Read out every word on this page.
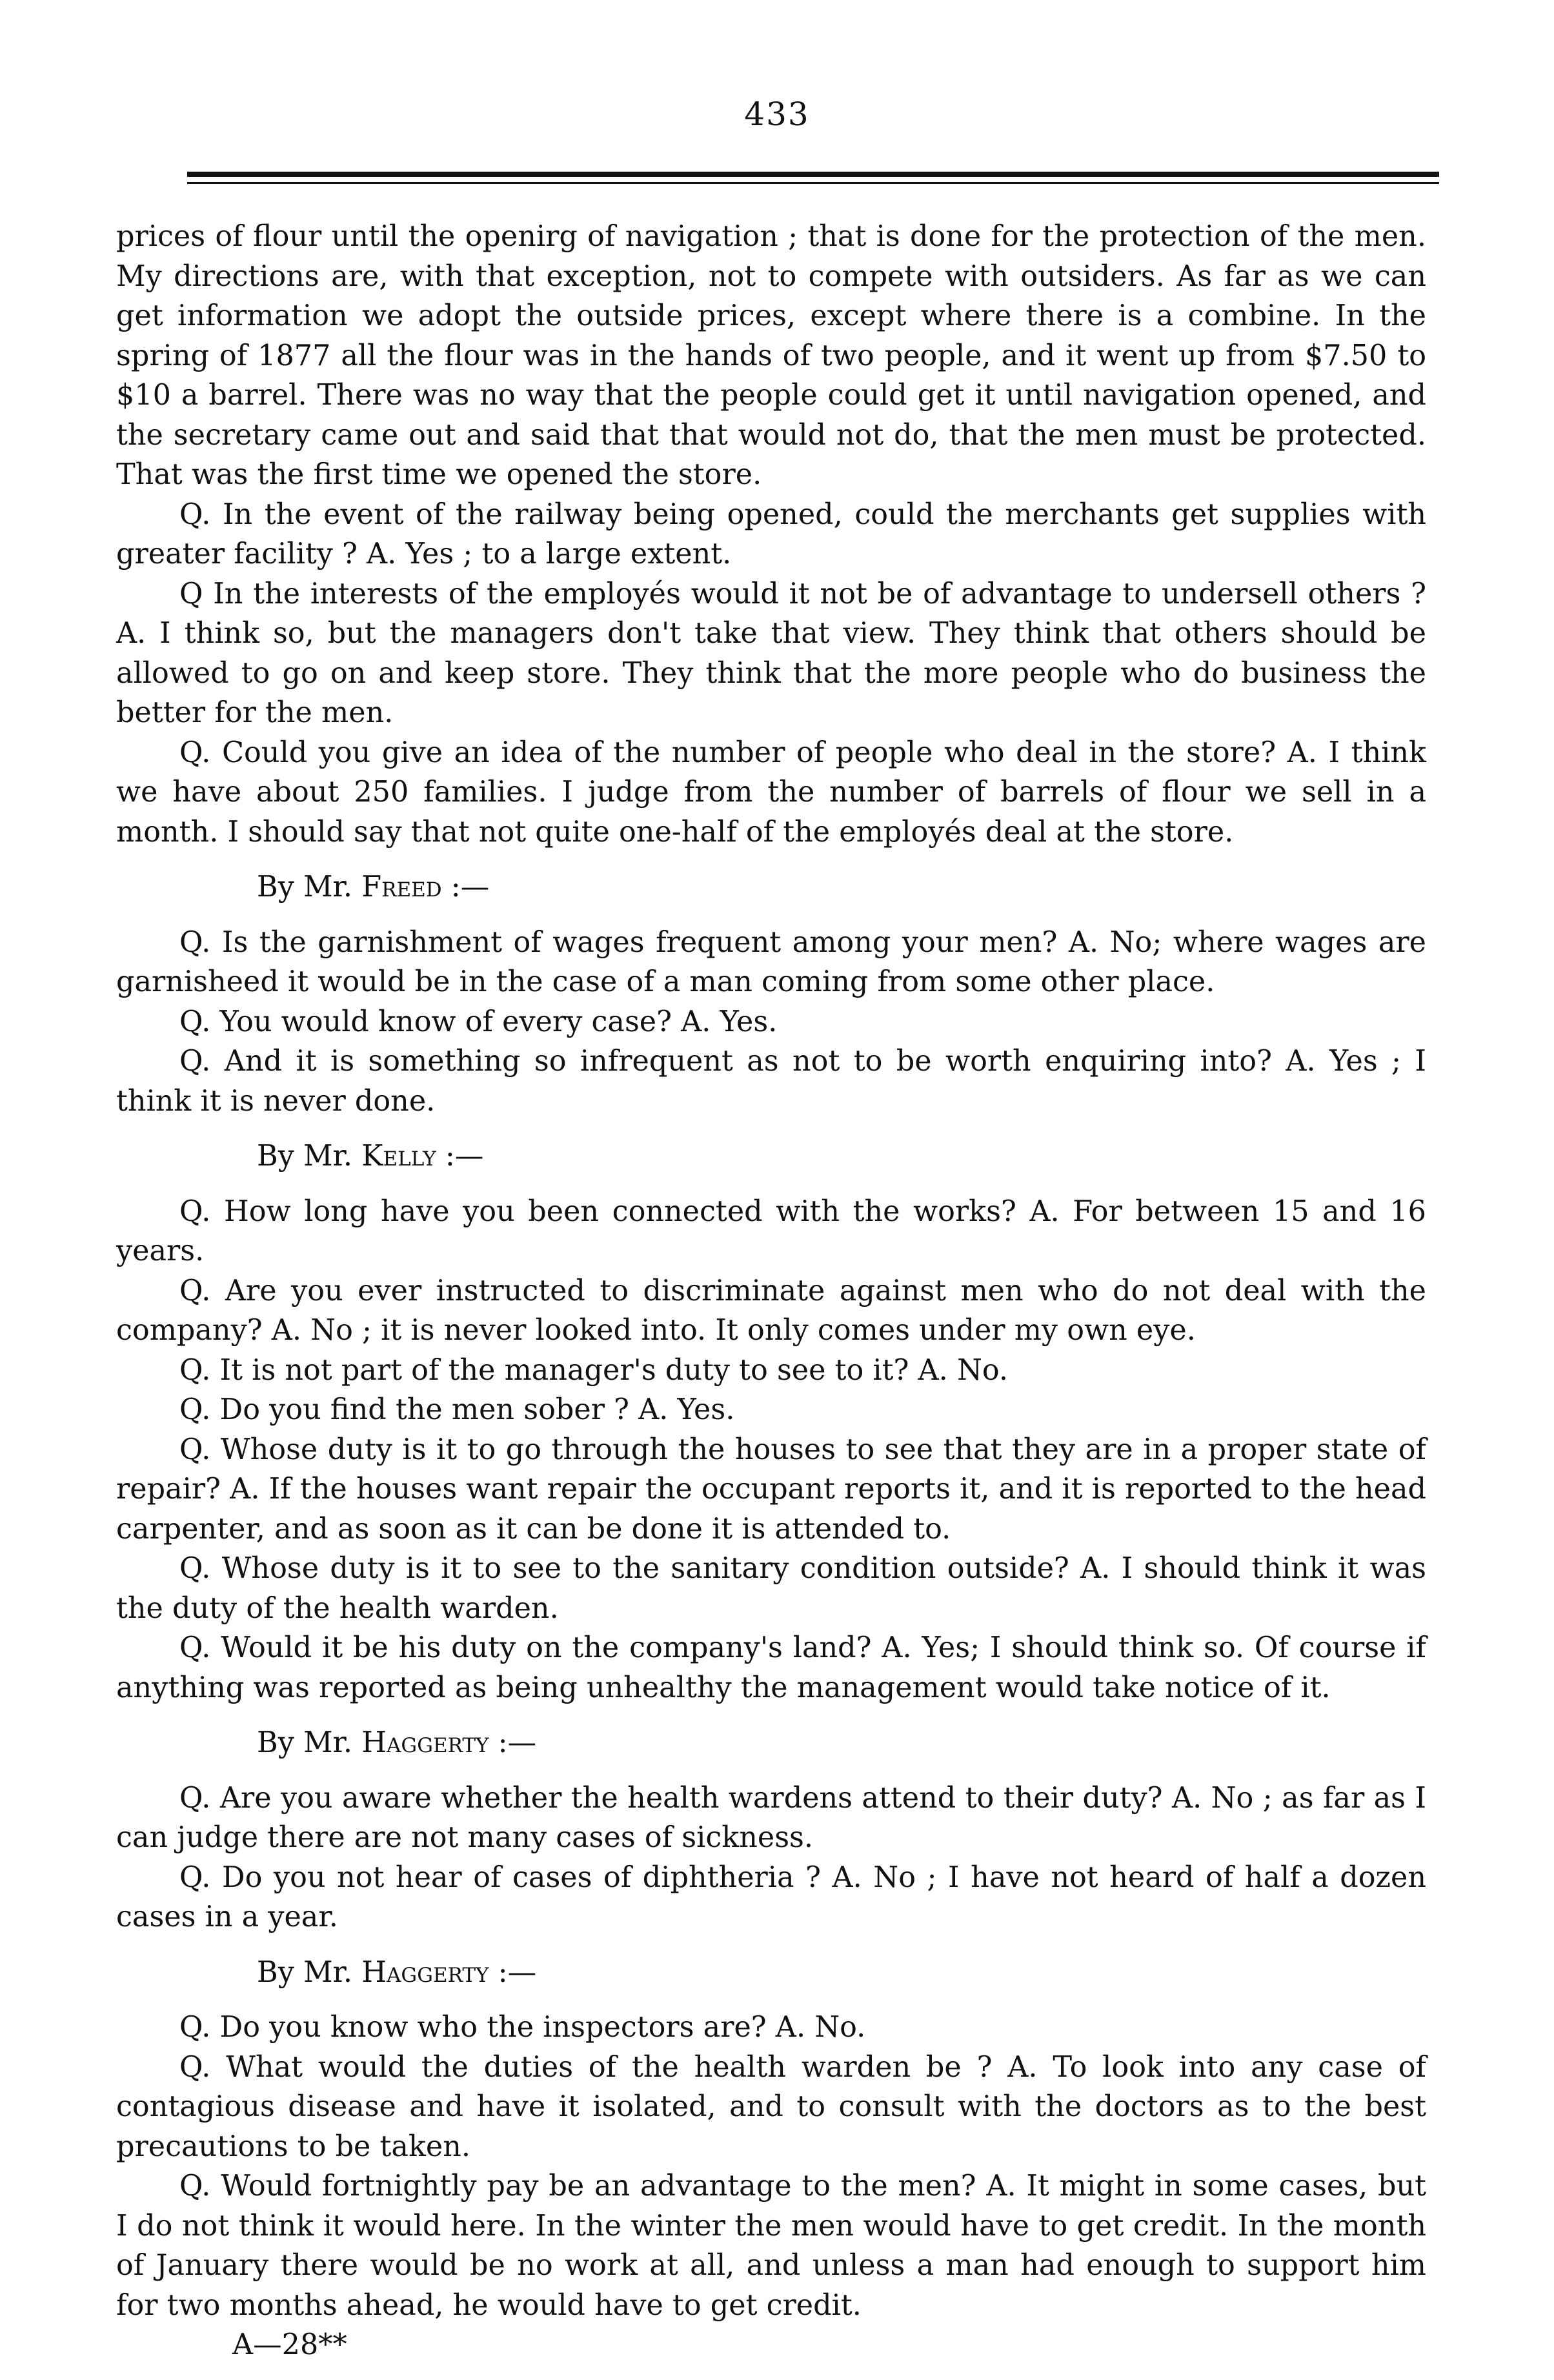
433

prices of flour until the openirg of navigation ; that is done for the protection of the men. My directions are, with that exception, not to compete with outsiders. As far as we can get information we adopt the outside prices, except where there is a combine. In the spring of 1877 all the flour was in the hands of two people, and it went up from $7.50 to $10 a barrel. There was no way that the people could get it until navigation opened, and the secretary came out and said that that would not do, that the men must be protected. That was the first time we opened the store.

Q. In the event of the railway being opened, could the merchants get supplies with greater facility ? A. Yes ; to a large extent.

Q In the interests of the employés would it not be of advantage to undersell others ? A. I think so, but the managers don't take that view. They think that others should be allowed to go on and keep store. They think that the more people who do business the better for the men.

Q. Could you give an idea of the number of people who deal in the store? A. I think we have about 250 families. I judge from the number of barrels of flour we sell in a month. I should say that not quite one-half of the employés deal at the store.

By Mr. Freed :—

Q. Is the garnishment of wages frequent among your men? A. No; where wages are garnisheed it would be in the case of a man coming from some other place.

Q. You would know of every case? A. Yes.

Q. And it is something so infrequent as not to be worth enquiring into? A. Yes ; I think it is never done.

By Mr. Kelly :—

Q. How long have you been connected with the works? A. For between 15 and 16 years.

Q. Are you ever instructed to discriminate against men who do not deal with the company? A. No ; it is never looked into. It only comes under my own eye.

Q. It is not part of the manager's duty to see to it? A. No.

Q. Do you find the men sober ? A. Yes.

Q. Whose duty is it to go through the houses to see that they are in a proper state of repair? A. If the houses want repair the occupant reports it, and it is reported to the head carpenter, and as soon as it can be done it is attended to.

Q. Whose duty is it to see to the sanitary condition outside? A. I should think it was the duty of the health warden.

Q. Would it be his duty on the company's land? A. Yes; I should think so. Of course if anything was reported as being unhealthy the management would take notice of it.

By Mr. Haggerty :—

Q. Are you aware whether the health wardens attend to their duty? A. No ; as far as I can judge there are not many cases of sickness.

Q. Do you not hear of cases of diphtheria ? A. No ; I have not heard of half a dozen cases in a year.

By Mr. Haggerty :—

Q. Do you know who the inspectors are? A. No.

Q. What would the duties of the health warden be ? A. To look into any case of contagious disease and have it isolated, and to consult with the doctors as to the best precautions to be taken.

Q. Would fortnightly pay be an advantage to the men? A. It might in some cases, but I do not think it would here. In the winter the men would have to get credit. In the month of January there would be no work at all, and unless a man had enough to support him for two months ahead, he would have to get credit.

A—28**
